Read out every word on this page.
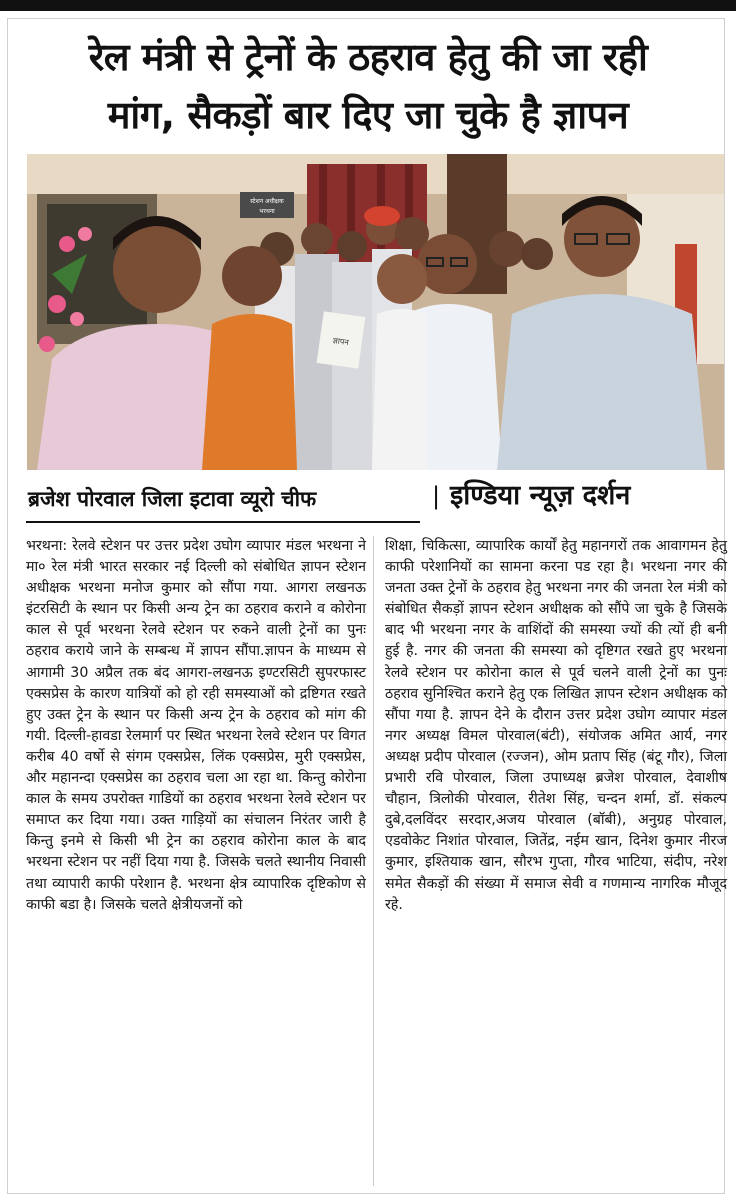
रेल मंत्री से ट्रेनों के ठहराव हेतु की जा रही
मांग, सैकड़ों बार दिए जा चुके है ज्ञापन
स्टेशन अधीक्षक
भरथना
ज्ञापन
ब्रजेश पोरवाल जिला इटावा व्यूरो चीफ	| इण्डिया न्यूज़ दर्शन

भरथना: रेलवे स्टेशन पर उत्तर प्रदेश उघोग व्यापार मंडल भरथना ने मा० रेल मंत्री भारत सरकार नई दिल्ली को संबोधित ज्ञापन स्टेशन अधीक्षक भरथना मनोज कुमार को सौंपा गया. आगरा लखनऊ इंटरसिटी के स्थान पर किसी अन्य ट्रेन का ठहराव कराने व कोरोना काल से पूर्व भरथना रेलवे स्टेशन पर रुकने वाली ट्रेनों का पुनः ठहराव कराये जाने के सम्बन्ध में ज्ञापन सौंपा.ज्ञापन के माध्यम से आगामी 30 अप्रैल तक बंद आगरा-लखनऊ इण्टरसिटी सुपरफास्ट एक्सप्रेस के कारण यात्रियों को हो रही समस्याओं को द्रष्टिगत रखते हुए उक्त ट्रेन के स्थान पर किसी अन्य ट्रेन के ठहराव को मांग की गयी. दिल्ली-हावडा रेलमार्ग पर स्थित भरथना रेलवे स्टेशन पर विगत करीब 40 वर्षो से संगम एक्सप्रेस, लिंक एक्सप्रेस, मुरी एक्सप्रेस, और महानन्दा एक्सप्रेस का ठहराव चला आ रहा था. किन्तु कोरोना काल के समय उपरोक्त गाडियों का ठहराव भरथना रेलवे स्टेशन पर समाप्त कर दिया गया। उक्त गाड़ियों का संचालन निरंतर जारी है किन्तु इनमे से किसी भी ट्रेन का ठहराव कोरोना काल के बाद भरथना स्टेशन पर नहीं दिया गया है. जिसके चलते स्थानीय निवासी तथा व्यापारी काफी परेशान है. भरथना क्षेत्र व्यापारिक दृष्टिकोण से काफी बडा है। जिसके चलते क्षेत्रीयजनों को

शिक्षा, चिकित्सा, व्यापारिक कार्यों हेतु महानगरों तक आवागमन हेतु काफी परेशानियों का सामना करना पड रहा है। भरथना नगर की जनता उक्त ट्रेनों के ठहराव हेतु भरथना नगर की जनता रेल मंत्री को संबोधित सैकड़ों ज्ञापन स्टेशन अधीक्षक को सौंपे जा चुके है जिसके बाद भी भरथना नगर के वाशिंदों की समस्या ज्यों की त्यों ही बनी हुई है. नगर की जनता की समस्या को दृष्टिगत रखते हुए भरथना रेलवे स्टेशन पर कोरोना काल से पूर्व चलने वाली ट्रेनों का पुनः ठहराव सुनिश्चित कराने हेतु एक लिखित ज्ञापन स्टेशन अधीक्षक को सौंपा गया है. ज्ञापन देने के दौरान उत्तर प्रदेश उघोग व्यापार मंडल नगर अध्यक्ष विमल पोरवाल(बंटी), संयोजक अमित आर्य, नगर अध्यक्ष प्रदीप पोरवाल (रज्जन), ओम प्रताप सिंह (बंटू गौर), जिला प्रभारी रवि पोरवाल, जिला उपाध्यक्ष ब्रजेश पोरवाल, देवाशीष चौहान, त्रिलोकी पोरवाल, रीतेश सिंह, चन्दन शर्मा, डॉ. संकल्प दुबे,दलविंदर सरदार,अजय पोरवाल (बॉबी), अनुग्रह पोरवाल, एडवोकेट निशांत पोरवाल, जितेंद्र, नईम खान, दिनेश कुमार नीरज कुमार, इश्तियाक खान, सौरभ गुप्ता, गौरव भाटिया, संदीप, नरेश समेत सैकड़ों की संख्या में समाज सेवी व गणमान्य नागरिक मौजूद रहे.
